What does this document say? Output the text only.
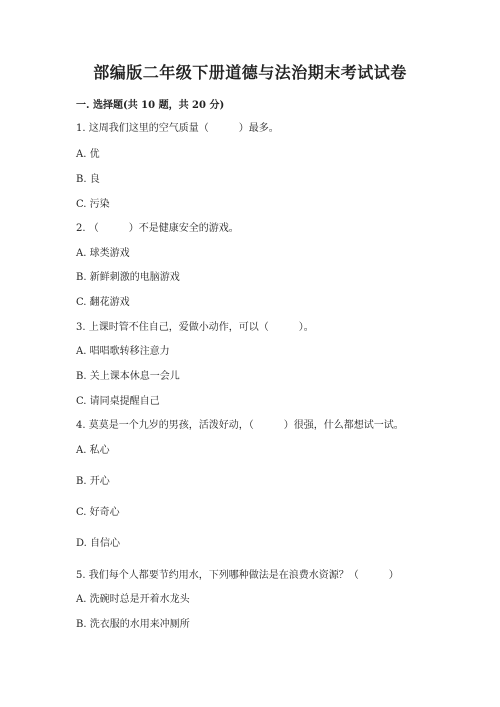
部编版二年级下册道德与法治期末考试试卷
一. 选择题(共 10 题，共 20 分)
1. 这周我们这里的空气质量（　　　）最多。
A. 优
B. 良
C. 污染
2. （　　　）不是健康安全的游戏。
A. 球类游戏
B. 新鲜刺激的电脑游戏
C. 翻花游戏
3. 上课时管不住自己，爱做小动作，可以（　　　）。
A. 唱唱歌转移注意力
B. 关上课本休息一会儿
C. 请同桌提醒自己
4. 莫莫是一个九岁的男孩，活泼好动，（　　　）很强，什么都想试一试。
A. 私心
B. 开心
C. 好奇心
D. 自信心
5. 我们每个人都要节约用水，下列哪种做法是在浪费水资源？（　　　）
A. 洗碗时总是开着水龙头
B. 洗衣服的水用来冲厕所
